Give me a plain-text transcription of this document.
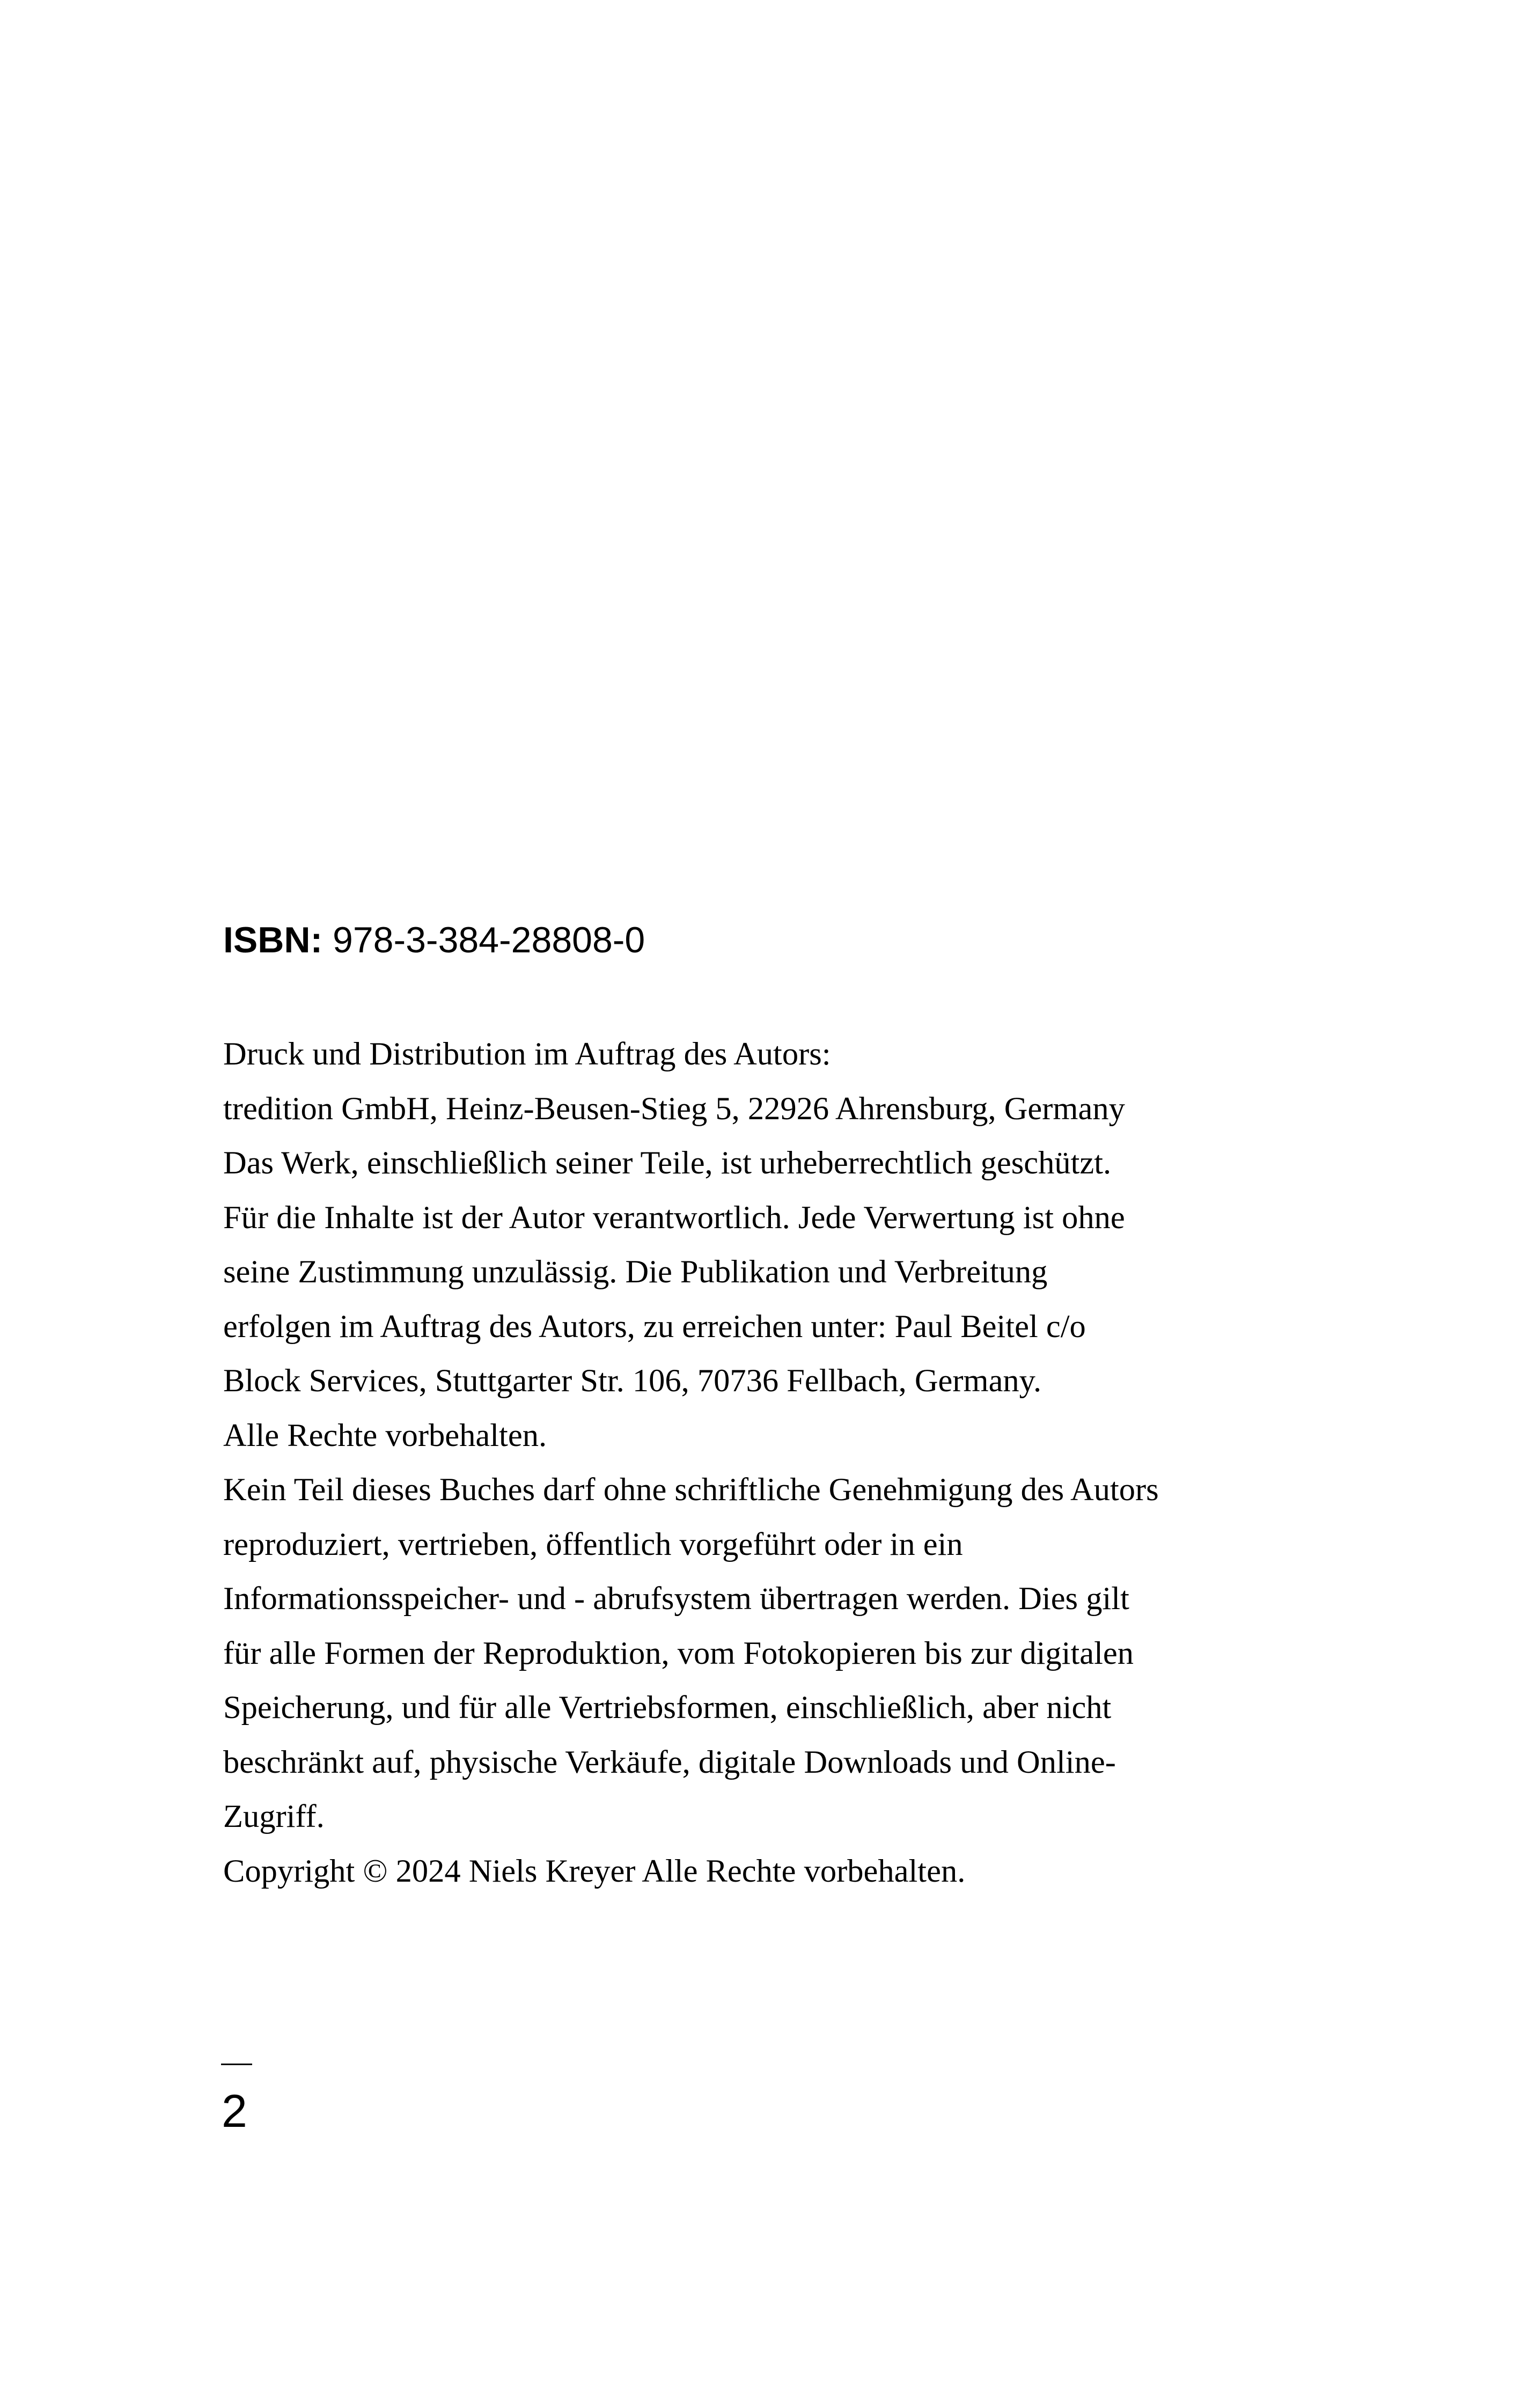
ISBN: 978-3-384-28808-0
Druck und Distribution im Auftrag des Autors:
tredition GmbH, Heinz-Beusen-Stieg 5, 22926 Ahrensburg, Germany
Das Werk, einschließlich seiner Teile, ist urheberrechtlich geschützt.
Für die Inhalte ist der Autor verantwortlich. Jede Verwertung ist ohne
seine Zustimmung unzulässig. Die Publikation und Verbreitung
erfolgen im Auftrag des Autors, zu erreichen unter: Paul Beitel c/o
Block Services, Stuttgarter Str. 106, 70736 Fellbach, Germany.
Alle Rechte vorbehalten.
Kein Teil dieses Buches darf ohne schriftliche Genehmigung des Autors
reproduziert, vertrieben, öffentlich vorgeführt oder in ein
Informationsspeicher- und - abrufsystem übertragen werden. Dies gilt
für alle Formen der Reproduktion, vom Fotokopieren bis zur digitalen
Speicherung, und für alle Vertriebsformen, einschließlich, aber nicht
beschränkt auf, physische Verkäufe, digitale Downloads und Online-
Zugriff.
Copyright © 2024 Niels Kreyer Alle Rechte vorbehalten.
2
